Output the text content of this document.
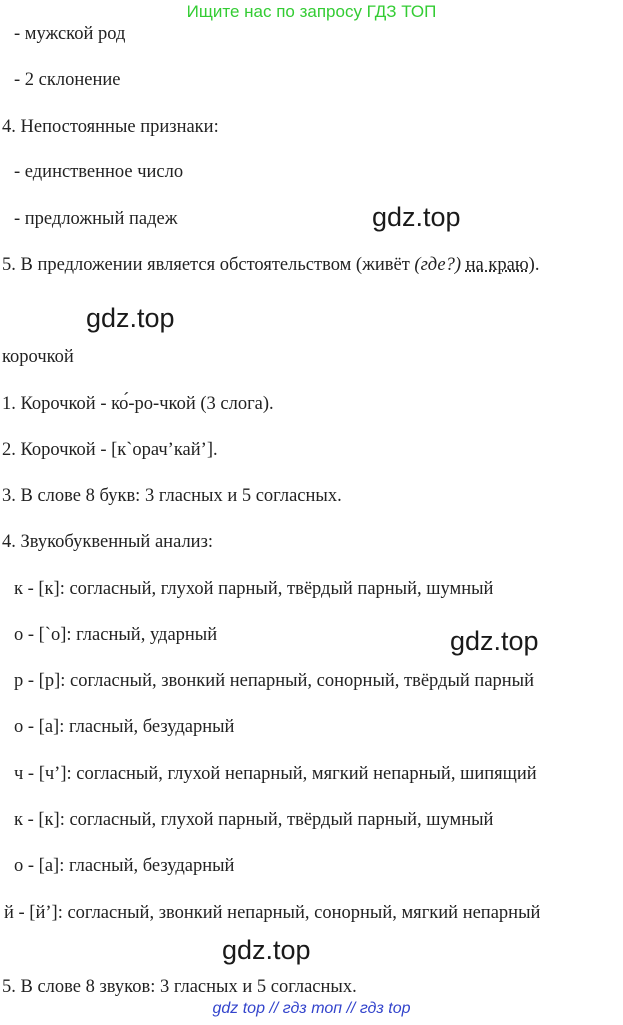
Ищите нас по запросу ГДЗ ТОП
- мужской род
- 2 склонение
4. Непостоянные признаки:
- единственное число
- предложный падеж
5. В предложении является обстоятельством (живёт (где?) на краю).
gdz.top
gdz.top
корочкой
1. Корочкой - ко́-ро-чкой (3 слога).
2. Корочкой - [к`орач’кай’].
3. В слове 8 букв: 3 гласных и 5 согласных.
4. Звукобуквенный анализ:
к - [к]: согласный, глухой парный, твёрдый парный, шумный
о - [`о]: гласный, ударный	gdz.top
р - [р]: согласный, звонкий непарный, сонорный, твёрдый парный
о - [а]: гласный, безударный
ч - [ч’]: согласный, глухой непарный, мягкий непарный, шипящий
к - [к]: согласный, глухой парный, твёрдый парный, шумный
о - [а]: гласный, безударный
й - [й’]: согласный, звонкий непарный, сонорный, мягкий непарный
gdz.top
5. В слове 8 звуков: 3 гласных и 5 согласных.
gdz top // гдз топ // гдз top
